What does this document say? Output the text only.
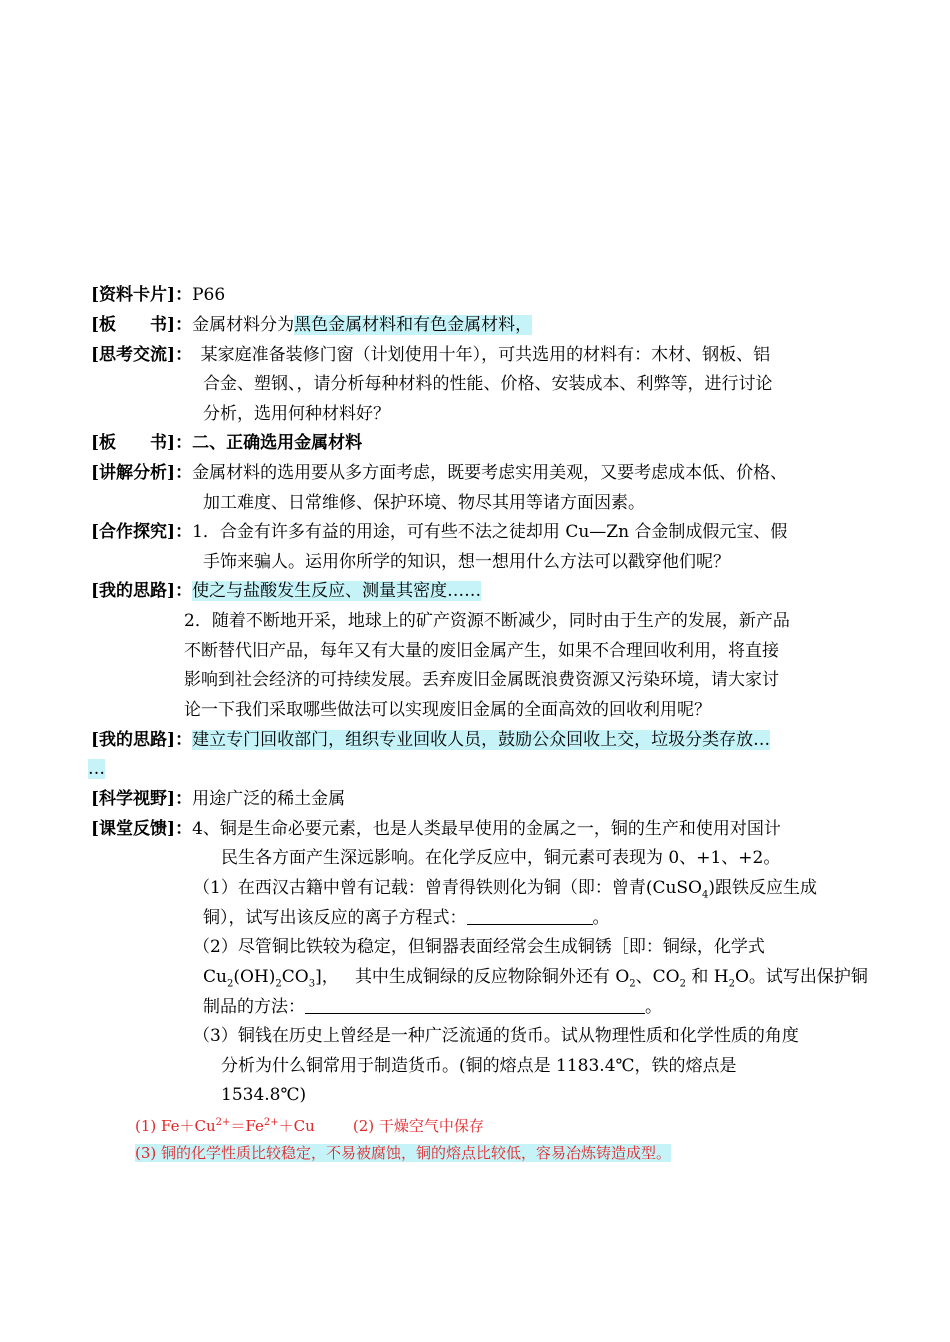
[资料卡片]：P66
[板　　书]：金属材料分为黑色金属材料和有色金属材料，
[思考交流]：　某家庭准备装修门窗（计划使用十年），可共选用的材料有：木材、钢板、铝
合金、塑钢、，请分析每种材料的性能、价格、安装成本、利弊等，进行讨论
分析，选用何种材料好？
[板　　书]：二、正确选用金属材料
[讲解分析]：金属材料的选用要从多方面考虑，既要考虑实用美观，又要考虑成本低、价格、
加工难度、日常维修、保护环境、物尽其用等诸方面因素。
[合作探究]：1．合金有许多有益的用途，可有些不法之徒却用 Cu—Zn 合金制成假元宝、假
手饰来骗人。运用你所学的知识，想一想用什么方法可以戳穿他们呢？
[我的思路]：使之与盐酸发生反应、测量其密度……
2．随着不断地开采，地球上的矿产资源不断减少，同时由于生产的发展，新产品
不断替代旧产品，每年又有大量的废旧金属产生，如果不合理回收利用，将直接
影响到社会经济的可持续发展。丢弃废旧金属既浪费资源又污染环境，请大家讨
论一下我们采取哪些做法可以实现废旧金属的全面高效的回收利用呢？
[我的思路]：建立专门回收部门，组织专业回收人员，鼓励公众回收上交，垃圾分类存放…
…
[科学视野]：用途广泛的稀土金属
[课堂反馈]：4、铜是生命必要元素，也是人类最早使用的金属之一，铜的生产和使用对国计
民生各方面产生深远影响。在化学反应中，铜元素可表现为 0、+1、+2。
（1）在西汉古籍中曾有记载：曾青得铁则化为铜（即：曾青(CuSO$_4$)跟铁反应生成
铜），试写出该反应的离子方程式：	。
（2）尽管铜比铁较为稳定，但铜器表面经常会生成铜锈［即：铜绿，化学式
$Cu_2(OH)_2CO_3$]， 其中生成铜绿的反应物除铜外还有 $O_2$、$CO_2$ 和 $H_2O$。试写出保护铜
制品的方法：	。
（3）铜钱在历史上曾经是一种广泛流通的货币。试从物理性质和化学性质的角度
分析为什么铜常用于制造货币。(铜的熔点是 1183.4℃，铁的熔点是
1534.8℃)
(1) $Fe+Cu^{2+}=Fe^{2+}+Cu$	(2) 干燥空气中保存
(3) 铜的化学性质比较稳定，不易被腐蚀，铜的熔点比较低，容易冶炼铸造成型。
